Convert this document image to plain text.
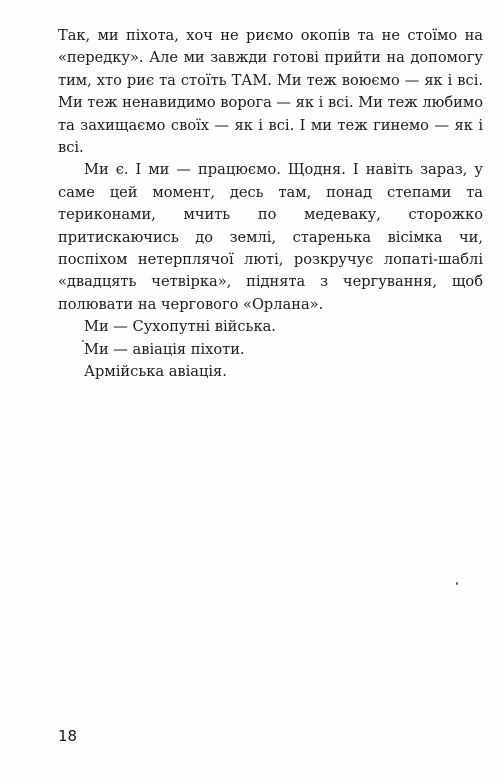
Так, ми піхота, хоч не риємо окопів та не стоїмо на «передку». Але ми завжди готові прийти на допомогу тим, хто риє та стоїть ТАМ. Ми теж воюємо — як і всі. Ми теж ненавидимо ворога — як і всі. Ми теж любимо та захищаємо своїх — як і всі. І ми теж гинемо — як і всі.

Ми є. І ми — працюємо. Щодня. І навіть зараз, у саме цей момент, десь там, понад степами та териконами, мчить по медеваку, сторожко притискаючись до землі, старенька вісімка чи, поспіхом нетерплячої люті, розкручує лопаті-шаблі «двадцять четвірка», піднята з чергування, щоб полювати на чергового «Орлана».

Ми — Сухопутні війська.

Ми — авіація піхоти.

Армійська авіація.

18
